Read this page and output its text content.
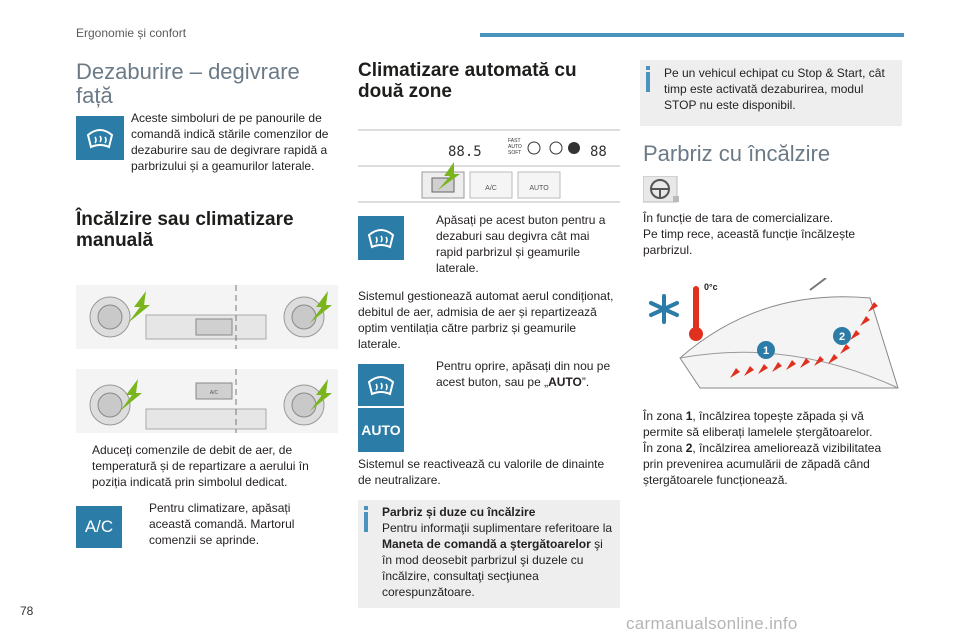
Ergonomie și confort
Dezaburire – degivrare față
Aceste simboluri de pe panourile de comandă indică stările comenzilor de dezaburire sau de degivrare rapidă a parbrizului și a geamurilor laterale.
Încălzire sau climatizare manuală
A/C
Aduceți comenzile de debit de aer, de temperatură și de repartizare a aerului în poziția indicată prin simbolul dedicat.
A/C
Pentru climatizare, apăsați această comandă. Martorul comenzii se aprinde.
Climatizare automată cu două zone
88.5
FAST
AUTO
SOFT	88
A/C	AUTO
Apăsați pe acest buton pentru a dezaburi sau degivra cât mai rapid parbrizul și geamurile laterale.
Sistemul gestionează automat aerul condiționat, debitul de aer, admisia de aer și repartizează optim ventilația către parbriz și geamurile laterale.
AUTO
Pentru oprire, apăsați din nou pe acest buton, sau pe „AUTO”.
Sistemul se reactivează cu valorile de dinainte de neutralizare.
Parbriz și duze cu încălzire
Pentru informaţii suplimentare referitoare la Maneta de comandă a ştergătoarelor şi în mod deosebit parbrizul şi duzele cu încălzire, consultaţi secţiunea corespunzătoare.
Pe un vehicul echipat cu Stop & Start, cât timp este activată dezaburirea, modul STOP nu este disponibil.
Parbriz cu încălzire
În funcție de tara de comercializare.
Pe timp rece, această funcție încălzește parbrizul.
0°c
1
2
În zona 1, încălzirea topește zăpada și vă permite să eliberați lamelele ștergătoarelor.
În zona 2, încălzirea ameliorează vizibilitatea prin prevenirea acumulării de zăpadă când ștergătoarele funcționează.
78
carmanualsonline.info
